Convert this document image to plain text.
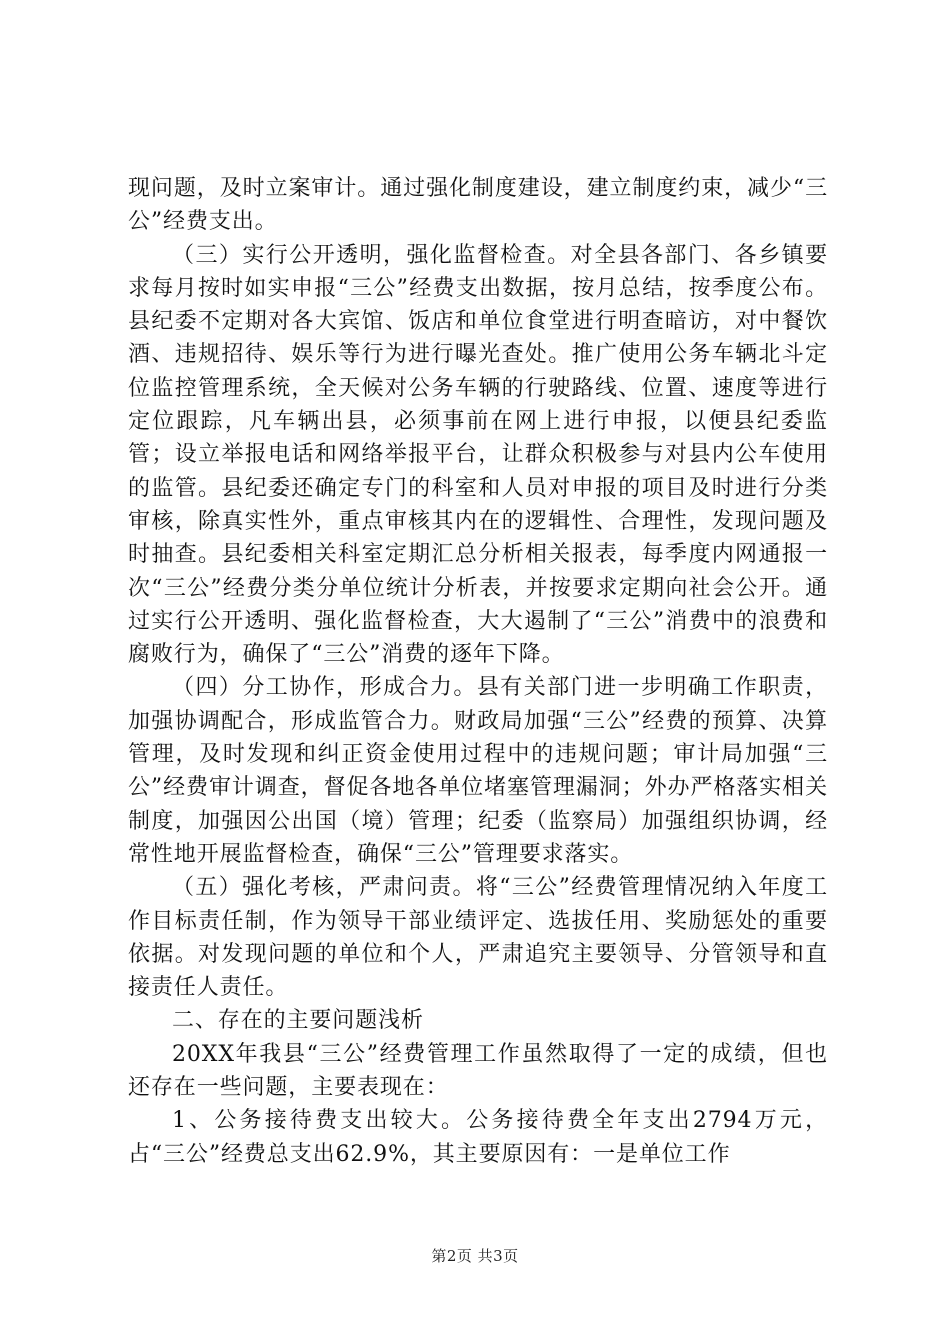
现问题，及时立案审计。通过强化制度建设，建立制度约束，减少“三公”经费支出。

（三）实行公开透明，强化监督检查。对全县各部门、各乡镇要求每月按时如实申报“三公”经费支出数据，按月总结，按季度公布。县纪委不定期对各大宾馆、饭店和单位食堂进行明查暗访，对中餐饮酒、违规招待、娱乐等行为进行曝光查处。推广使用公务车辆北斗定位监控管理系统，全天候对公务车辆的行驶路线、位置、速度等进行定位跟踪，凡车辆出县，必须事前在网上进行申报，以便县纪委监管；设立举报电话和网络举报平台，让群众积极参与对县内公车使用的监管。县纪委还确定专门的科室和人员对申报的项目及时进行分类审核，除真实性外，重点审核其内在的逻辑性、合理性，发现问题及时抽查。县纪委相关科室定期汇总分析相关报表，每季度内网通报一次“三公”经费分类分单位统计分析表，并按要求定期向社会公开。通过实行公开透明、强化监督检查，大大遏制了“三公”消费中的浪费和腐败行为，确保了“三公”消费的逐年下降。

（四）分工协作，形成合力。县有关部门进一步明确工作职责，加强协调配合，形成监管合力。财政局加强“三公”经费的预算、决算管理，及时发现和纠正资金使用过程中的违规问题；审计局加强“三公”经费审计调查，督促各地各单位堵塞管理漏洞；外办严格落实相关制度，加强因公出国（境）管理；纪委（监察局）加强组织协调，经常性地开展监督检查，确保“三公”管理要求落实。

（五）强化考核，严肃问责。将“三公”经费管理情况纳入年度工作目标责任制，作为领导干部业绩评定、选拔任用、奖励惩处的重要依据。对发现问题的单位和个人，严肃追究主要领导、分管领导和直接责任人责任。

二、存在的主要问题浅析

20XX年我县“三公”经费管理工作虽然取得了一定的成绩，但也还存在一些问题，主要表现在：

1、公务接待费支出较大。公务接待费全年支出2794万元，占“三公”经费总支出62.9%，其主要原因有：一是单位工作

第2页 共3页
